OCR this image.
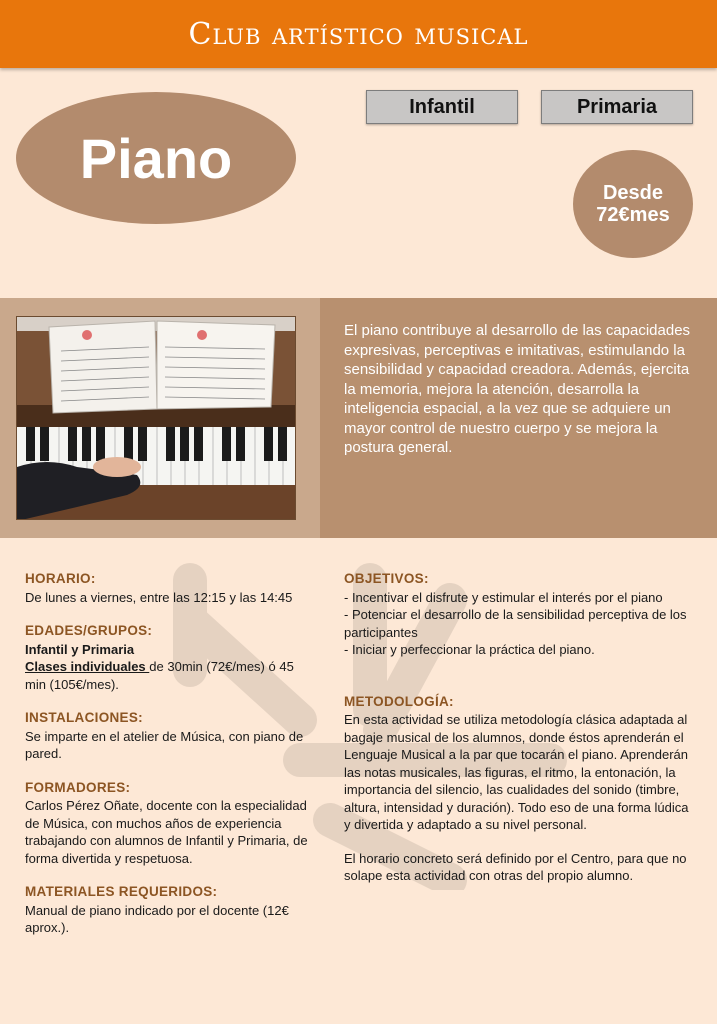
Club artístico musical
Infantil	Primaria
Piano
Desde
72€mes
El piano contribuye al desarrollo de las capacidades expresivas, perceptivas e imitativas, estimulando la sensibilidad y capacidad creadora. Además, ejercita la memoria, mejora la atención, desarrolla la inteligencia espacial, a la vez que se adquiere un mayor control de nuestro cuerpo y se mejora la postura general.
HORARIO:
De lunes a viernes, entre las 12:15 y las 14:45
EDADES/GRUPOS:
Infantil y Primaria
Clases individuales de 30min (72€/mes) ó 45 min (105€/mes).
INSTALACIONES:
Se imparte en el atelier de Música, con piano de pared.
FORMADORES:
Carlos Pérez Oñate, docente con la especialidad de Música, con muchos años de experiencia trabajando con alumnos de Infantil y Primaria, de forma divertida y respetuosa.
MATERIALES REQUERIDOS:
Manual de piano indicado por el docente (12€ aprox.).
OBJETIVOS:
- Incentivar el disfrute y estimular el interés por el piano
- Potenciar el desarrollo de la sensibilidad perceptiva de los participantes
- Iniciar y perfeccionar la práctica del piano.
METODOLOGÍA:
En esta actividad se utiliza metodología clásica adaptada al bagaje musical de los alumnos, donde éstos aprenderán el Lenguaje Musical a la par que tocarán el piano. Aprenderán las notas musicales, las figuras, el ritmo, la entonación, la importancia del silencio, las cualidades del sonido (timbre, altura, intensidad y duración). Todo eso de una forma lúdica y divertida y adaptado a su nivel personal.
El horario concreto será definido por el Centro, para que no solape esta actividad con otras del propio alumno.
